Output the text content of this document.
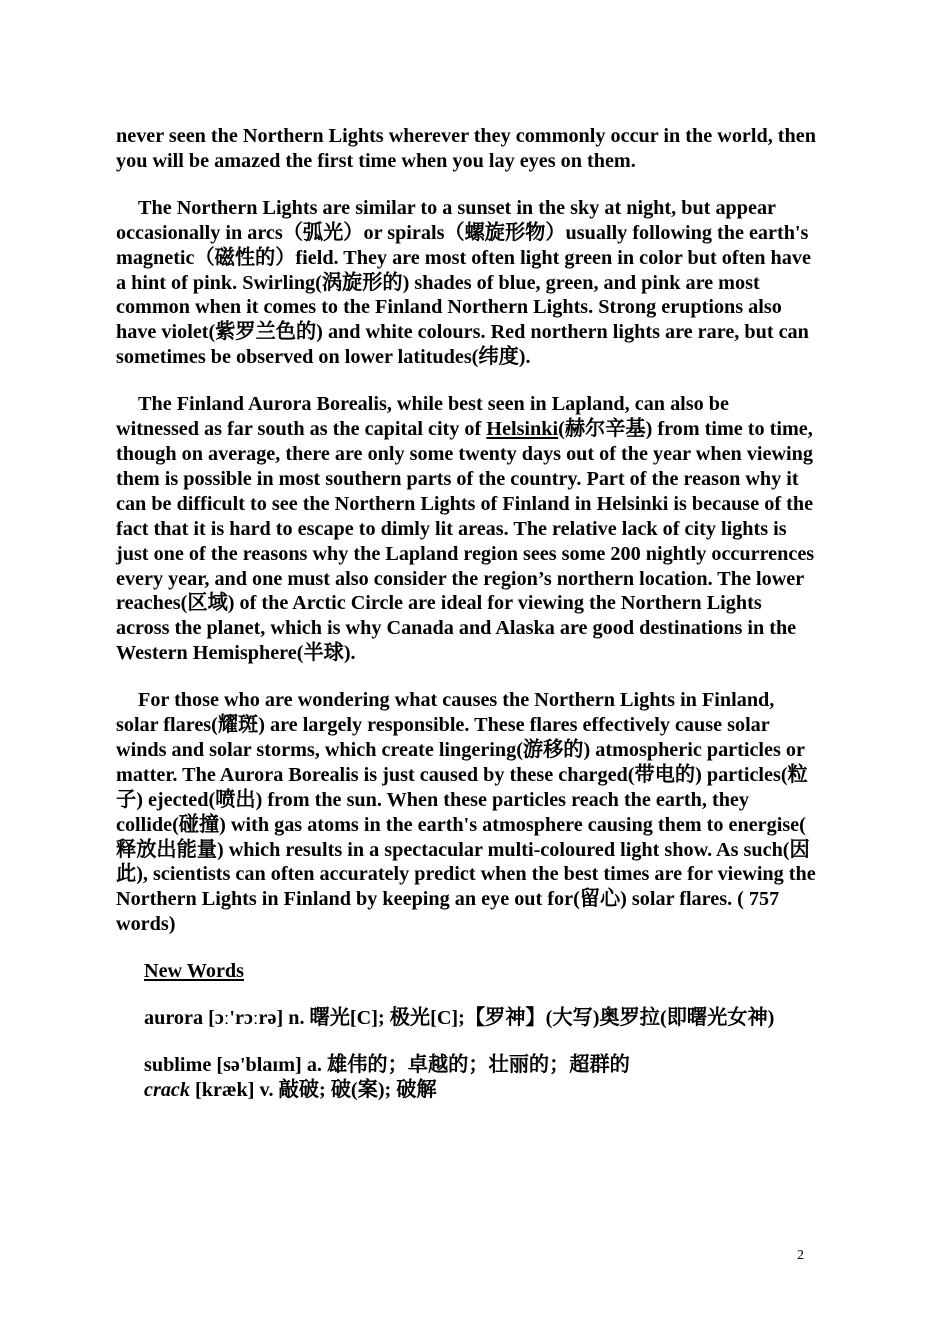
never seen the Northern Lights wherever they commonly occur in the world, then you will be amazed the first time when you lay eyes on them.

The Northern Lights are similar to a sunset in the sky at night, but appear occasionally in arcs（弧光）or spirals（螺旋形物）usually following the earth's magnetic（磁性的）field. They are most often light green in color but often have a hint of pink. Swirling(涡旋形的) shades of blue, green, and pink are most common when it comes to the Finland Northern Lights. Strong eruptions also have violet(紫罗兰色的) and white colours. Red northern lights are rare, but can sometimes be observed on lower latitudes(纬度).

The Finland Aurora Borealis, while best seen in Lapland, can also be witnessed as far south as the capital city of Helsinki(赫尔辛基) from time to time, though on average, there are only some twenty days out of the year when viewing them is possible in most southern parts of the country. Part of the reason why it can be difficult to see the Northern Lights of Finland in Helsinki is because of the fact that it is hard to escape to dimly lit areas. The relative lack of city lights is just one of the reasons why the Lapland region sees some 200 nightly occurrences every year, and one must also consider the region’s northern location. The lower reaches(区域) of the Arctic Circle are ideal for viewing the Northern Lights across the planet, which is why Canada and Alaska are good destinations in the Western Hemisphere(半球).

For those who are wondering what causes the Northern Lights in Finland, solar flares(耀斑) are largely responsible. These flares effectively cause solar winds and solar storms, which create lingering(游移的) atmospheric particles or matter. The Aurora Borealis is just caused by these charged(带电的) particles(粒子) ejected(喷出) from the sun. When these particles reach the earth, they collide(碰撞) with gas atoms in the earth's atmosphere causing them to energise( 释放出能量) which results in a spectacular multi-coloured light show. As such(因此), scientists can often accurately predict when the best times are for viewing the Northern Lights in Finland by keeping an eye out for(留心) solar flares. ( 757 words)

New Words
aurora [ɔː'rɔːrə] n. 曙光[C]; 极光[C];【罗神】(大写)奥罗拉(即曙光女神)
sublime [sə'blaɪm] a. 雄伟的；卓越的；壮丽的；超群的
crack [kræk] v. 敲破; 破(案); 破解
2
